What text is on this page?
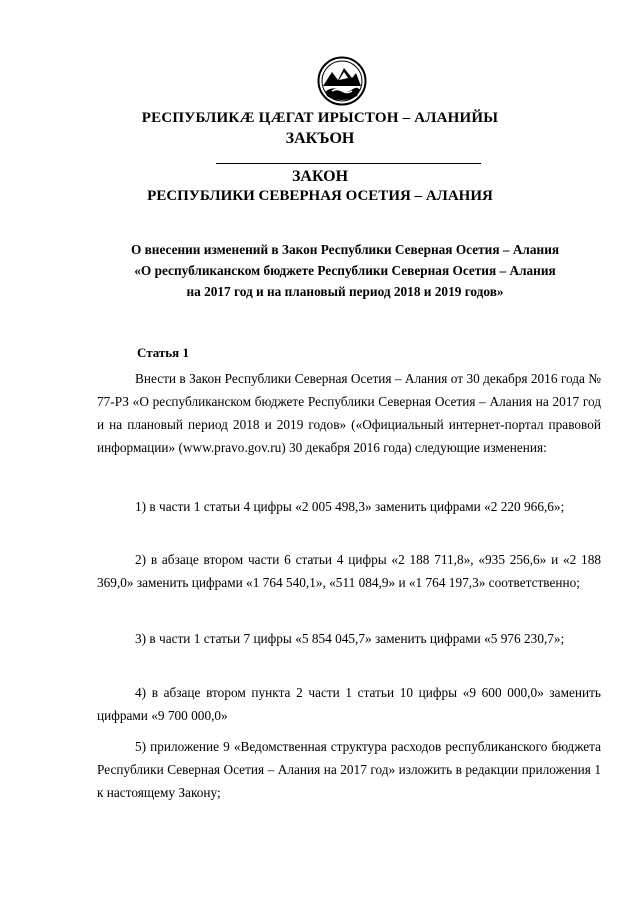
РЕСПУБЛИКÆ ЦÆГАТ ИРЫСТОН – АЛАНИЙЫ
ЗАКЪОН
ЗАКОН
РЕСПУБЛИКИ СЕВЕРНАЯ ОСЕТИЯ – АЛАНИЯ
О внесении изменений в Закон Республики Северная Осетия – Алания
«О республиканском бюджете Республики Северная Осетия – Алания
на 2017 год и на плановый период 2018 и 2019 годов»
Статья 1
Внести в Закон Республики Северная Осетия – Алания от 30 декабря 2016 года № 77-РЗ «О республиканском бюджете Республики Северная Осетия – Алания на 2017 год и на плановый период 2018 и 2019 годов» («Официальный интернет-портал правовой информации» (www.pravo.gov.ru) 30 декабря 2016 года) следующие изменения:
1) в части 1 статьи 4 цифры «2 005 498,3» заменить цифрами «2 220 966,6»;
2) в абзаце втором части 6 статьи 4 цифры «2 188 711,8», «935 256,6» и «2 188 369,0» заменить цифрами «1 764 540,1», «511 084,9» и «1 764 197,3» соответственно;
3) в части 1 статьи 7 цифры «5 854 045,7» заменить цифрами «5 976 230,7»;
4) в абзаце втором пункта 2 части 1 статьи 10 цифры «9 600 000,0» заменить цифрами «9 700 000,0»
5) приложение 9 «Ведомственная структура расходов республиканского бюджета Республики Северная Осетия – Алания на 2017 год» изложить в редакции приложения 1 к настоящему Закону;
